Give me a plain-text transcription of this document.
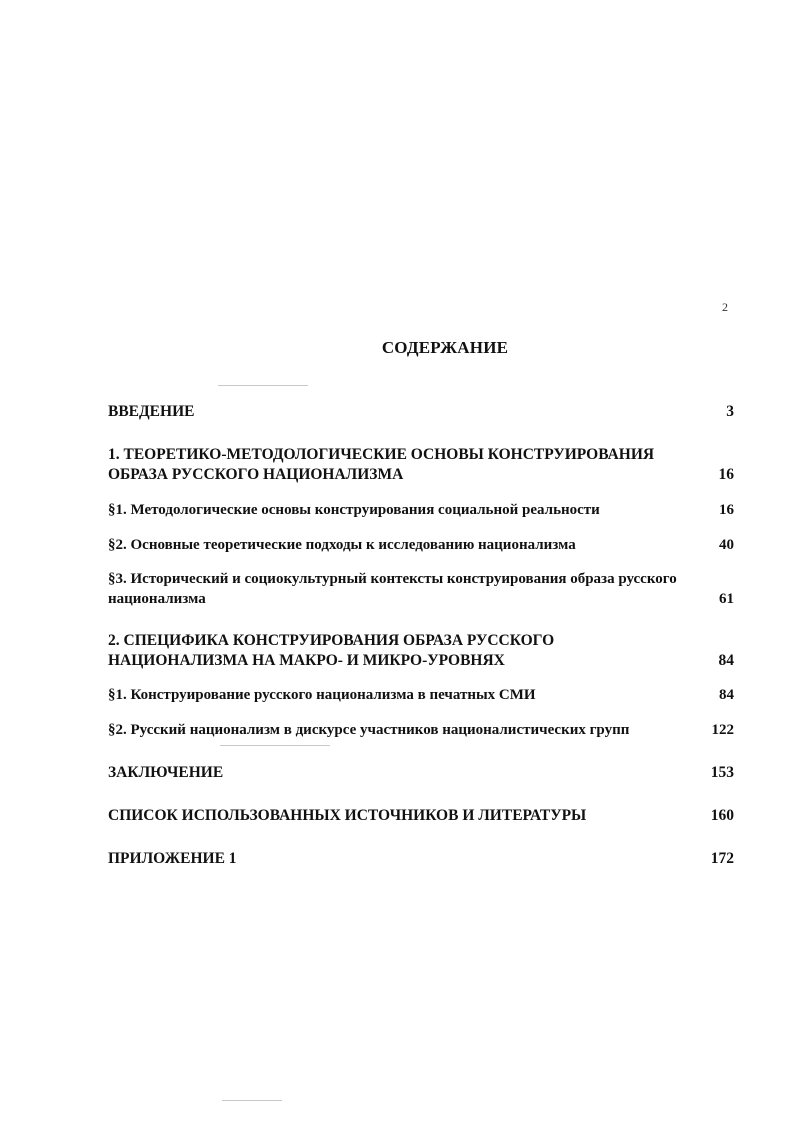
2
СОДЕРЖАНИЕ
ВВЕДЕНИЕ	3
1. ТЕОРЕТИКО-МЕТОДОЛОГИЧЕСКИЕ ОСНОВЫ КОНСТРУИРОВАНИЯ ОБРАЗА РУССКОГО НАЦИОНАЛИЗМА	16
§1. Методологические основы конструирования социальной реальности	16
§2. Основные теоретические подходы к исследованию национализма	40
§3. Исторический и социокультурный контексты конструирования образа русского национализма	61
2. СПЕЦИФИКА КОНСТРУИРОВАНИЯ ОБРАЗА РУССКОГО НАЦИОНАЛИЗМА НА МАКРО- И МИКРО-УРОВНЯХ	84
§1. Конструирование русского национализма в печатных СМИ	84
§2. Русский национализм в дискурсе участников националистических групп	122
ЗАКЛЮЧЕНИЕ	153
СПИСОК ИСПОЛЬЗОВАННЫХ ИСТОЧНИКОВ И ЛИТЕРАТУРЫ	160
ПРИЛОЖЕНИЕ 1	172
